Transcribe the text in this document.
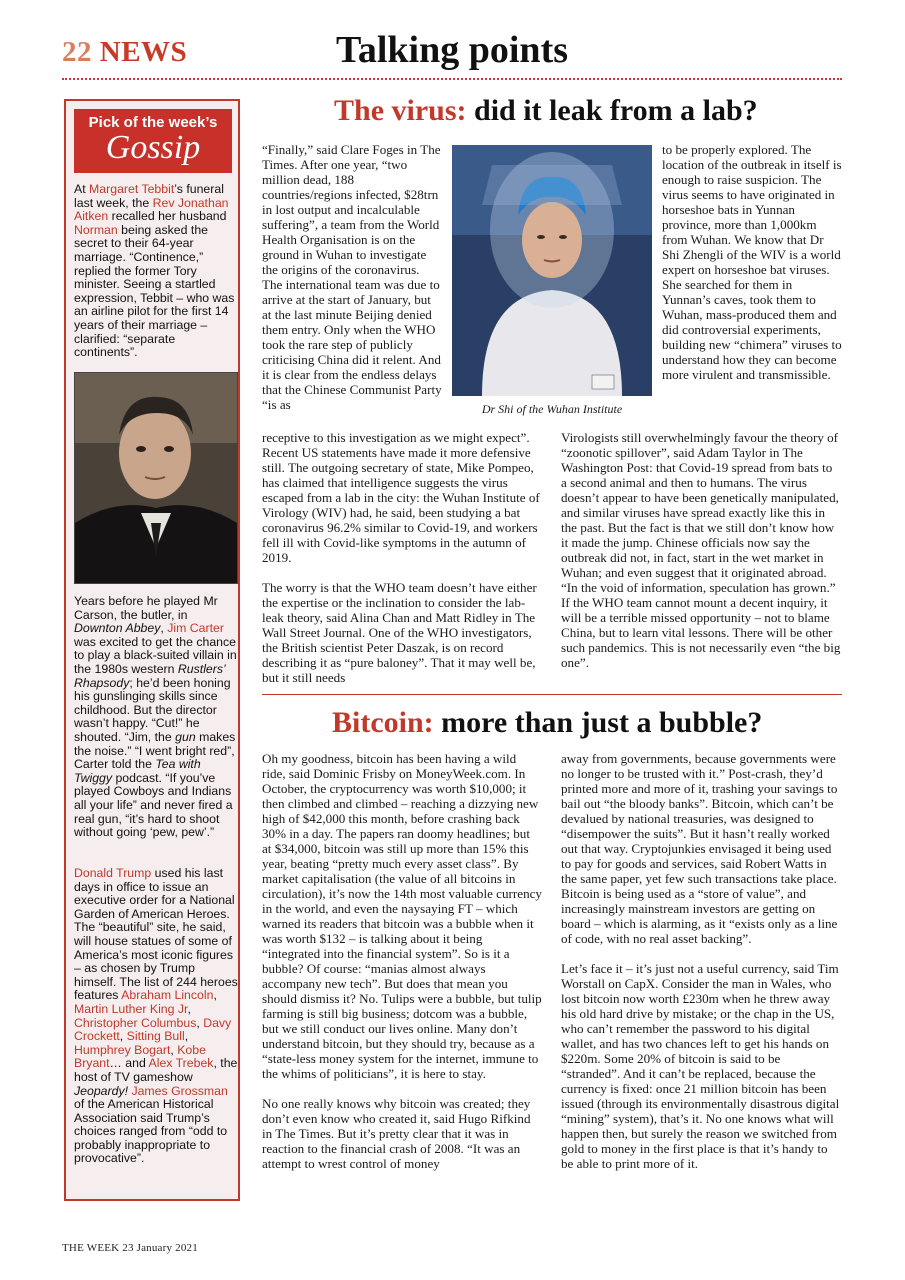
22 NEWS	Talking points
Pick of the week’s
Gossip
At Margaret Tebbit’s funeral last week, the Rev Jonathan Aitken recalled her husband Norman being asked the secret to their 64-year marriage. “Continence,” replied the former Tory minister. Seeing a startled expression, Tebbit – who was an airline pilot for the first 14 years of their marriage – clarified: “separate continents”.
Years before he played Mr Carson, the butler, in Downton Abbey, Jim Carter was excited to get the chance to play a black-suited villain in the 1980s western Rustlers’ Rhapsody; he’d been honing his gunslinging skills since childhood. But the director wasn’t happy. “Cut!” he shouted. “Jim, the gun makes the noise.” “I went bright red”, Carter told the Tea with Twiggy podcast. “If you’ve played Cowboys and Indians all your life” and never fired a real gun, “it’s hard to shoot without going ‘pew, pew’.”
Donald Trump used his last days in office to issue an executive order for a National Garden of American Heroes. The “beautiful” site, he said, will house statues of some of America’s most iconic figures – as chosen by Trump himself. The list of 244 heroes features Abraham Lincoln, Martin Luther King Jr, Christopher Columbus, Davy Crockett, Sitting Bull, Humphrey Bogart, Kobe Bryant… and Alex Trebek, the host of TV gameshow Jeopardy! James Grossman of the American Historical Association said Trump’s choices ranged from “odd to probably inappropriate to provocative”.
The virus: did it leak from a lab?

“Finally,” said Clare Foges in The Times. After one year, “two million dead, 188 countries/regions infected, $28trn in lost output and incalculable suffering”, a team from the World Health Organisation is on the ground in Wuhan to investigate the origins of the coronavirus. The international team was due to arrive at the start of January, but at the last minute Beijing denied them entry. Only when the WHO took the rare step of publicly criticising China did it relent. And it is clear from the endless delays that the Chinese Communist Party “is as	Dr Shi of the Wuhan Institute

to be properly explored. The location of the outbreak in itself is enough to raise suspicion. The virus seems to have originated in horseshoe bats in Yunnan province, more than 1,000km from Wuhan. We know that Dr Shi Zhengli of the WIV is a world expert on horseshoe bat viruses. She searched for them in Yunnan’s caves, took them to Wuhan, mass-produced them and did controversial experiments, building new “chimera” viruses to understand how they can become more virulent and transmissible.

receptive to this investigation as we might expect”. Recent US statements have made it more defensive still. The outgoing secretary of state, Mike Pompeo, has claimed that intelligence suggests the virus escaped from a lab in the city: the Wuhan Institute of Virology (WIV) had, he said, been studying a bat coronavirus 96.2% similar to Covid-19, and workers fell ill with Covid-like symptoms in the autumn of 2019.

The worry is that the WHO team doesn’t have either the expertise or the inclination to consider the lab-leak theory, said Alina Chan and Matt Ridley in The Wall Street Journal. One of the WHO investigators, the British scientist Peter Daszak, is on record describing it as “pure baloney”. That it may well be, but it still needs

Virologists still overwhelmingly favour the theory of “zoonotic spillover”, said Adam Taylor in The Washington Post: that Covid-19 spread from bats to a second animal and then to humans. The virus doesn’t appear to have been genetically manipulated, and similar viruses have spread exactly like this in the past. But the fact is that we still don’t know how it made the jump. Chinese officials now say the outbreak did not, in fact, start in the wet market in Wuhan; and even suggest that it originated abroad. “In the void of information, speculation has grown.” If the WHO team cannot mount a decent inquiry, it will be a terrible missed opportunity – not to blame China, but to learn vital lessons. There will be other such pandemics. This is not necessarily even “the big one”.

Bitcoin: more than just a bubble?

Oh my goodness, bitcoin has been having a wild ride, said Dominic Frisby on MoneyWeek.com. In October, the cryptocurrency was worth $10,000; it then climbed and climbed – reaching a dizzying new high of $42,000 this month, before crashing back 30% in a day. The papers ran doomy headlines; but at $34,000, bitcoin was still up more than 15% this year, beating “pretty much every asset class”. By market capitalisation (the value of all bitcoins in circulation), it’s now the 14th most valuable currency in the world, and even the naysaying FT – which warned its readers that bitcoin was a bubble when it was worth $132 – is talking about it being “integrated into the financial system”. So is it a bubble? Of course: “manias almost always accompany new tech”. But does that mean you should dismiss it? No. Tulips were a bubble, but tulip farming is still big business; dotcom was a bubble, but we still conduct our lives online. Many don’t understand bitcoin, but they should try, because as a “state-less money system for the internet, immune to the whims of politicians”, it is here to stay.

No one really knows why bitcoin was created; they don’t even know who created it, said Hugo Rifkind in The Times. But it’s pretty clear that it was in reaction to the financial crash of 2008. “It was an attempt to wrest control of money

away from governments, because governments were no longer to be trusted with it.” Post-crash, they’d printed more and more of it, trashing your savings to bail out “the bloody banks”. Bitcoin, which can’t be devalued by national treasuries, was designed to “disempower the suits”. But it hasn’t really worked out that way. Cryptojunkies envisaged it being used to pay for goods and services, said Robert Watts in the same paper, yet few such transactions take place. Bitcoin is being used as a “store of value”, and increasingly mainstream investors are getting on board – which is alarming, as it “exists only as a line of code, with no real asset backing”.

Let’s face it – it’s just not a useful currency, said Tim Worstall on CapX. Consider the man in Wales, who lost bitcoin now worth £230m when he threw away his old hard drive by mistake; or the chap in the US, who can’t remember the password to his digital wallet, and has two chances left to get his hands on $220m. Some 20% of bitcoin is said to be “stranded”. And it can’t be replaced, because the currency is fixed: once 21 million bitcoin has been issued (through its environmentally disastrous digital “mining” system), that’s it. No one knows what will happen then, but surely the reason we switched from gold to money in the first place is that it’s handy to be able to print more of it.

THE WEEK 23 January 2021
